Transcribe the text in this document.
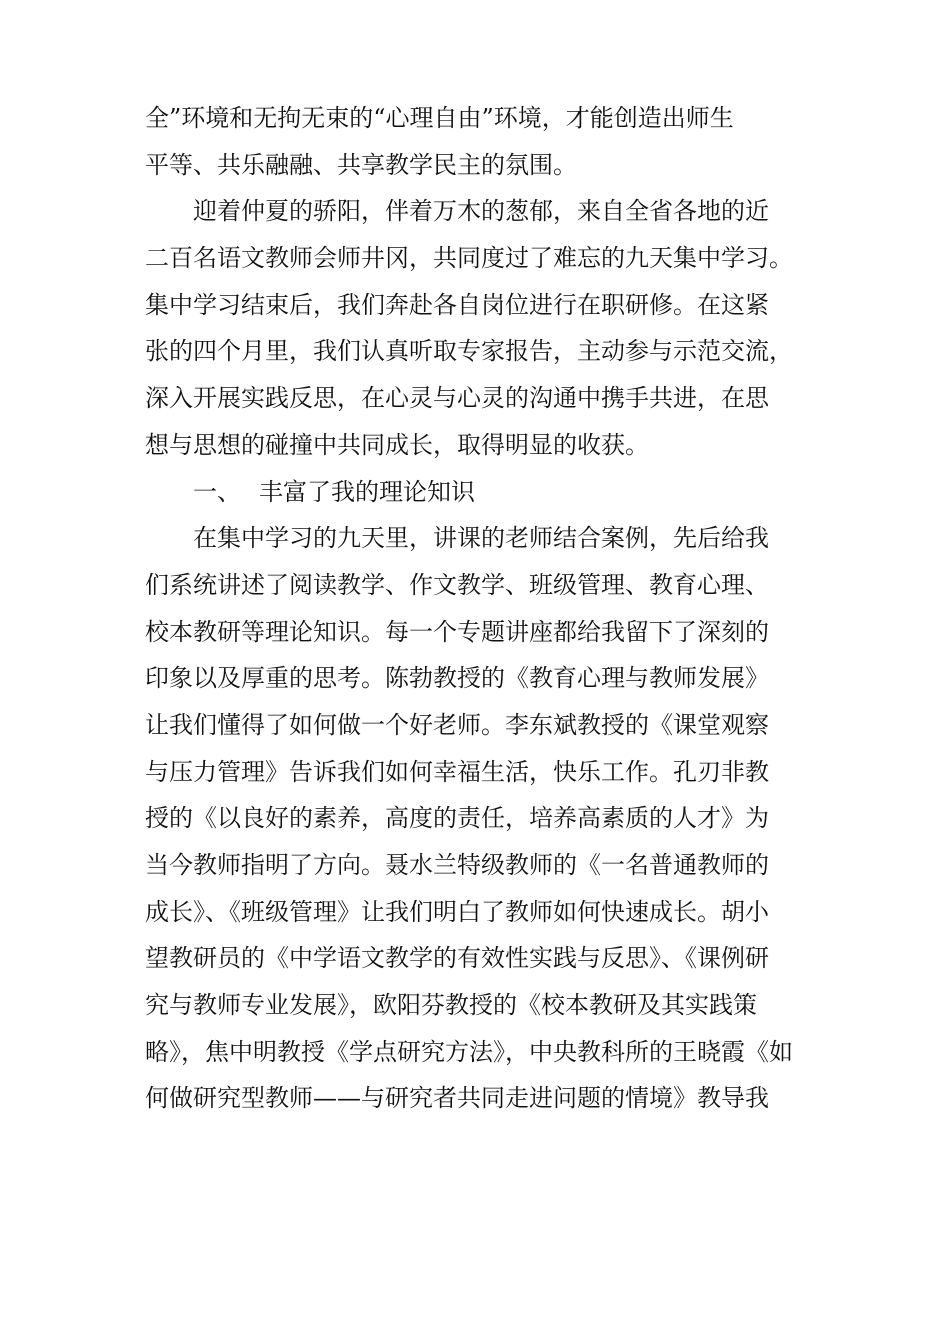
全”环境和无拘无束的“心理自由”环境，才能创造出师生
平等、共乐融融、共享教学民主的氛围。
迎着仲夏的骄阳，伴着万木的葱郁，来自全省各地的近
二百名语文教师会师井冈，共同度过了难忘的九天集中学习。
集中学习结束后，我们奔赴各自岗位进行在职研修。在这紧
张的四个月里，我们认真听取专家报告，主动参与示范交流，
深入开展实践反思，在心灵与心灵的沟通中携手共进，在思
想与思想的碰撞中共同成长，取得明显的收获。
一、 丰富了我的理论知识
在集中学习的九天里，讲课的老师结合案例，先后给我
们系统讲述了阅读教学、作文教学、班级管理、教育心理、
校本教研等理论知识。每一个专题讲座都给我留下了深刻的
印象以及厚重的思考。陈勃教授的《教育心理与教师发展》
让我们懂得了如何做一个好老师。李东斌教授的《课堂观察
与压力管理》告诉我们如何幸福生活，快乐工作。孔刃非教
授的《以良好的素养，高度的责任，培养高素质的人才》为
当今教师指明了方向。聂水兰特级教师的《一名普通教师的
成长》、《班级管理》让我们明白了教师如何快速成长。胡小
望教研员的《中学语文教学的有效性实践与反思》、《课例研
究与教师专业发展》，欧阳芬教授的《校本教研及其实践策
略》，焦中明教授《学点研究方法》，中央教科所的王晓霞《如
何做研究型教师——与研究者共同走进问题的情境》教导我
